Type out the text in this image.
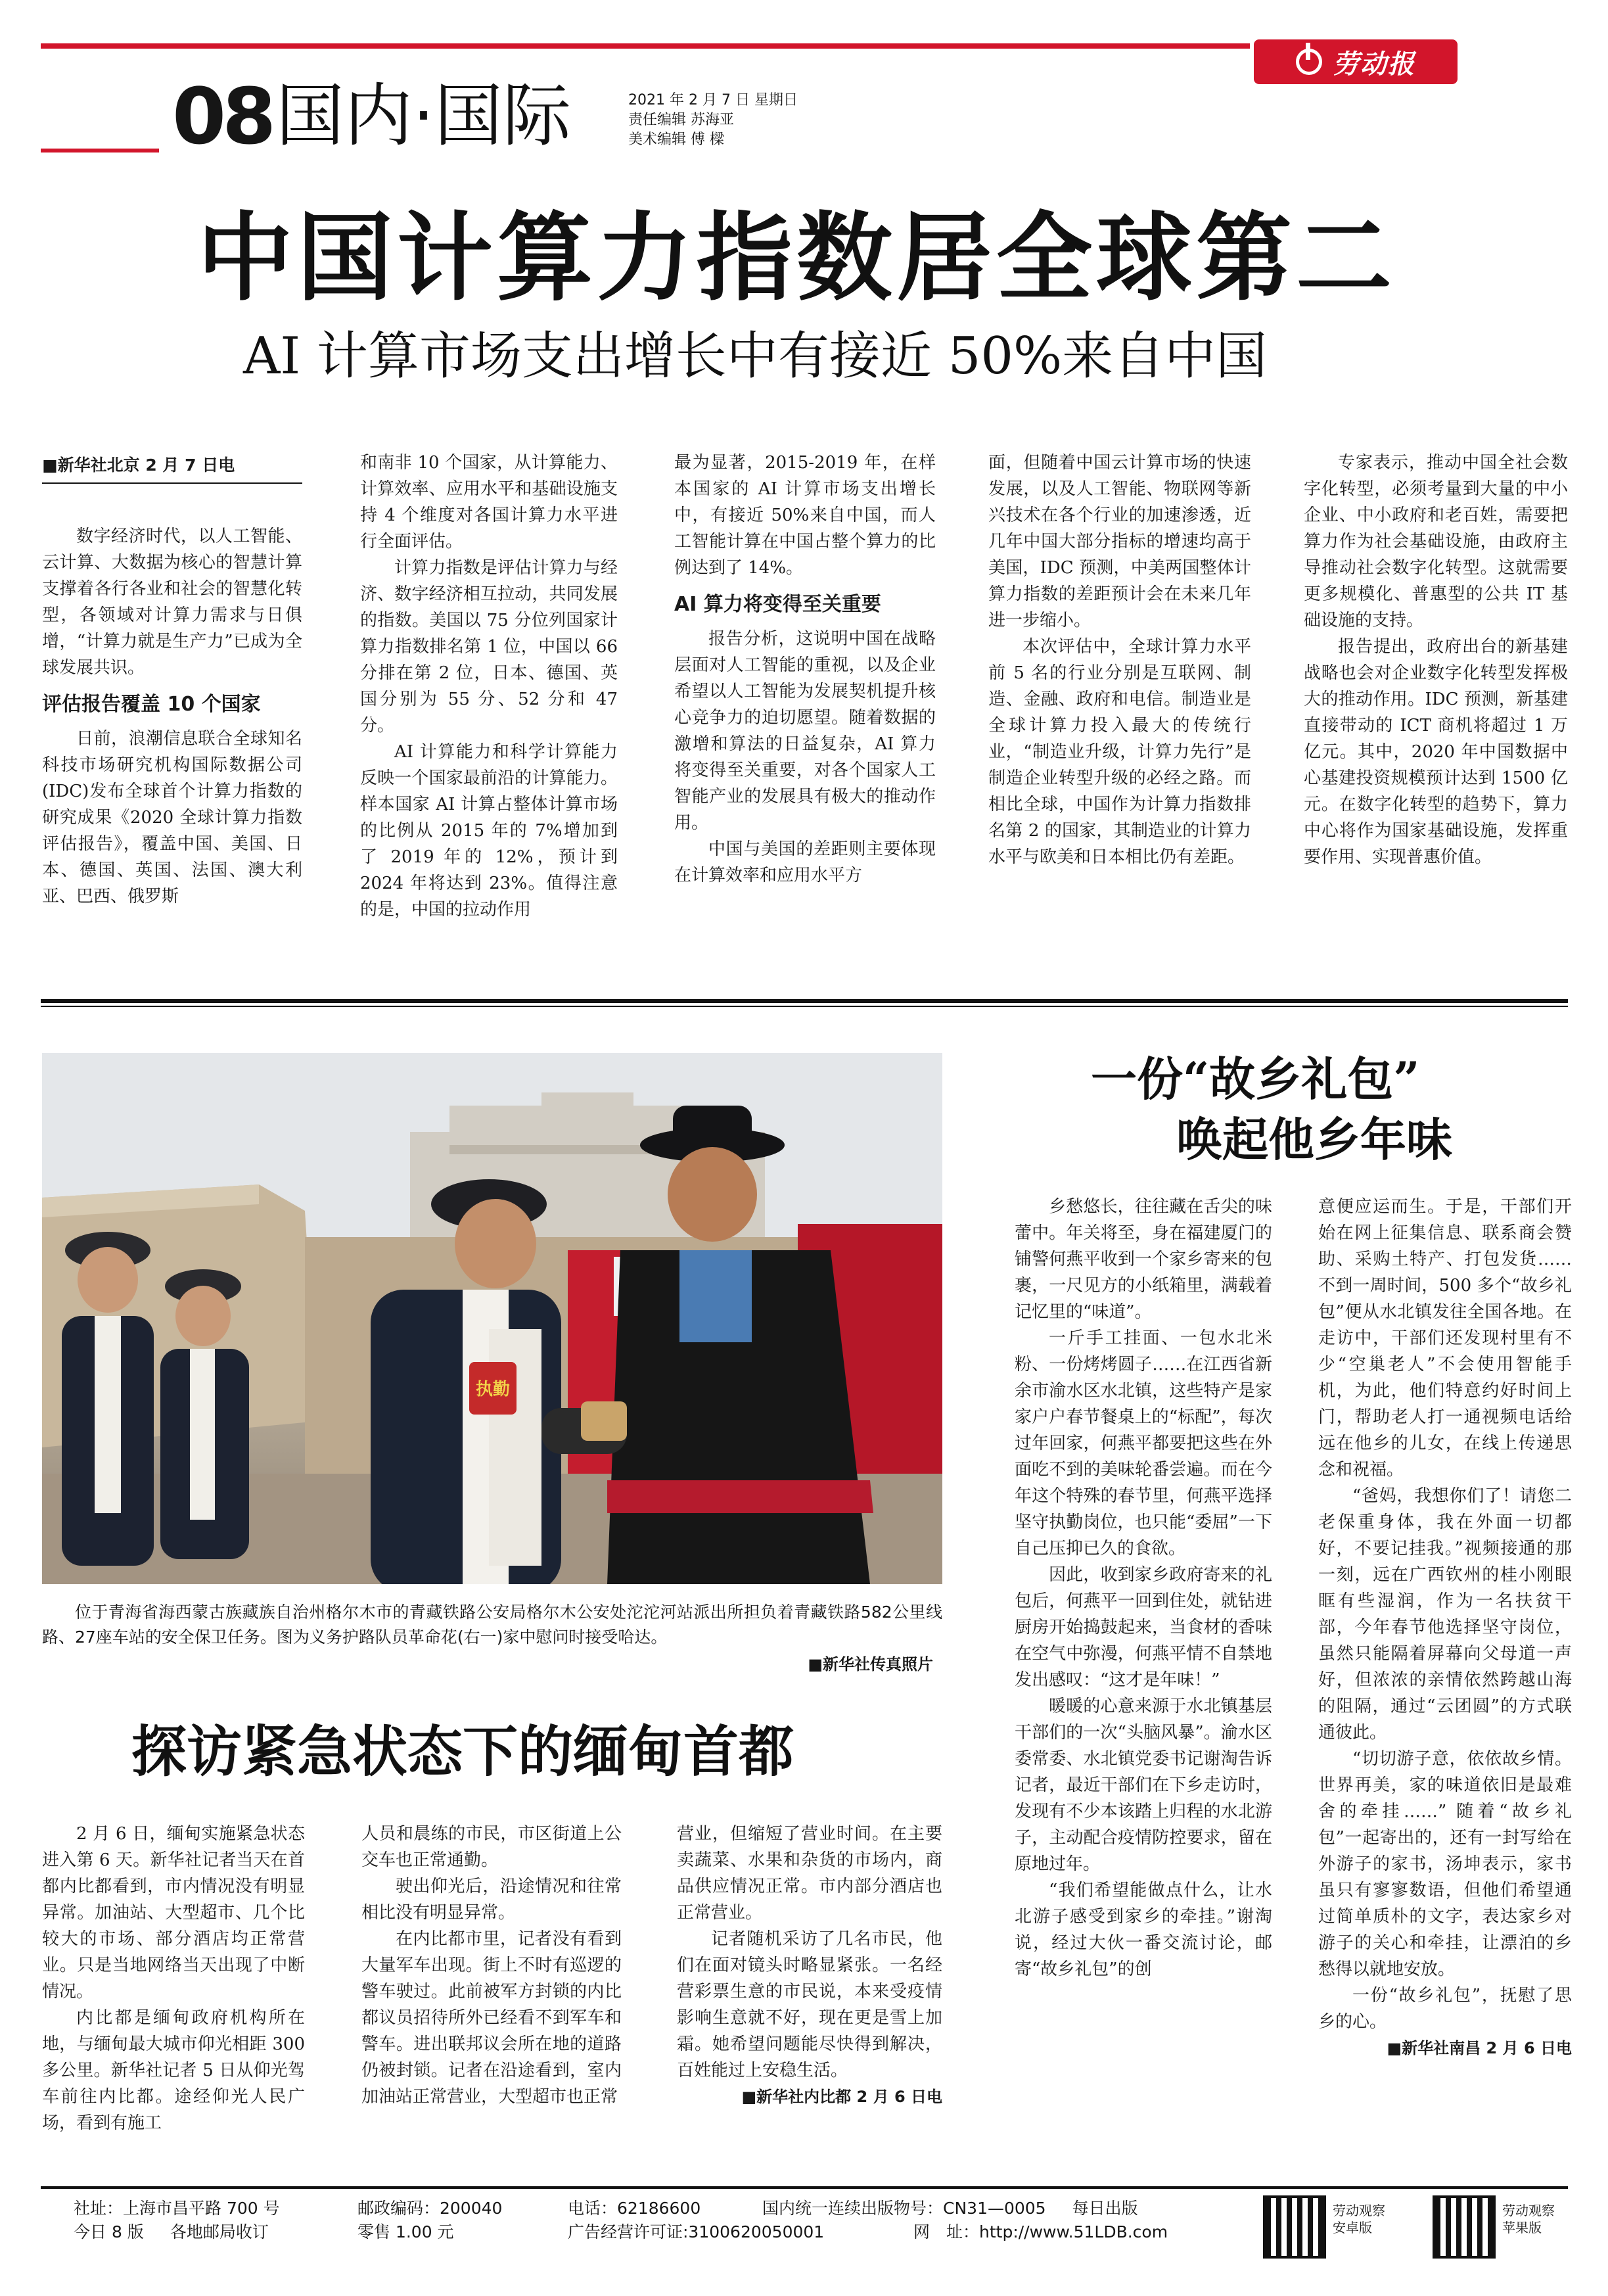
劳动报
08 国内·国际	2021 年 2 月 7 日 星期日
责任编辑 苏海亚
美术编辑 傅 樑
中国计算力指数居全球第二
AI 计算市场支出增长中有接近 50%来自中国

■新华社北京 2 月 7 日电

数字经济时代，以人工智能、云计算、大数据为核心的智慧计算支撑着各行各业和社会的智慧化转型，各领域对计算力需求与日俱增，“计算力就是生产力”已成为全球发展共识。

评估报告覆盖 10 个国家

日前，浪潮信息联合全球知名科技市场研究机构国际数据公司(IDC)发布全球首个计算力指数的研究成果《2020 全球计算力指数评估报告》，覆盖中国、美国、日本、德国、英国、法国、澳大利亚、巴西、俄罗斯

和南非 10 个国家，从计算能力、计算效率、应用水平和基础设施支持 4 个维度对各国计算力水平进行全面评估。

计算力指数是评估计算力与经济、数字经济相互拉动，共同发展的指数。美国以 75 分位列国家计算力指数排名第 1 位，中国以 66 分排在第 2 位，日本、德国、英国分别为 55 分、52 分和 47 分。

AI 计算能力和科学计算能力反映一个国家最前沿的计算能力。样本国家 AI 计算占整体计算市场的比例从 2015 年的 7%增加到了 2019 年的 12%，预计到 2024 年将达到 23%。值得注意的是，中国的拉动作用

最为显著，2015-2019 年，在样本国家的 AI 计算市场支出增长中，有接近 50%来自中国，而人工智能计算在中国占整个算力的比例达到了 14%。

AI 算力将变得至关重要

报告分析，这说明中国在战略层面对人工智能的重视，以及企业希望以人工智能为发展契机提升核心竞争力的迫切愿望。随着数据的激增和算法的日益复杂，AI 算力将变得至关重要，对各个国家人工智能产业的发展具有极大的推动作用。

中国与美国的差距则主要体现在计算效率和应用水平方

面，但随着中国云计算市场的快速发展，以及人工智能、物联网等新兴技术在各个行业的加速渗透，近几年中国大部分指标的增速均高于美国，IDC 预测，中美两国整体计算力指数的差距预计会在未来几年进一步缩小。

本次评估中，全球计算力水平前 5 名的行业分别是互联网、制造、金融、政府和电信。制造业是全球计算力投入最大的传统行业，“制造业升级，计算力先行”是制造企业转型升级的必经之路。而相比全球，中国作为计算力指数排名第 2 的国家，其制造业的计算力水平与欧美和日本相比仍有差距。

专家表示，推动中国全社会数字化转型，必须考量到大量的中小企业、中小政府和老百姓，需要把算力作为社会基础设施，由政府主导推动社会数字化转型。这就需要更多规模化、普惠型的公共 IT 基础设施的支持。

报告提出，政府出台的新基建战略也会对企业数字化转型发挥极大的推动作用。IDC 预测，新基建直接带动的 ICT 商机将超过 1 万亿元。其中，2020 年中国数据中心基建投资规模预计达到 1500 亿元。在数字化转型的趋势下，算力中心将作为国家基础设施，发挥重要作用、实现普惠价值。

执勤
位于青海省海西蒙古族藏族自治州格尔木市的青藏铁路公安局格尔木公安处沱沱河站派出所担负着青藏铁路582公里线路、27座车站的安全保卫任务。图为义务护路队员革命花(右一)家中慰问时接受哈达。
■新华社传真照片
探访紧急状态下的缅甸首都

2 月 6 日，缅甸实施紧急状态进入第 6 天。新华社记者当天在首都内比都看到，市内情况没有明显异常。加油站、大型超市、几个比较大的市场、部分酒店均正常营业。只是当地网络当天出现了中断情况。

内比都是缅甸政府机构所在地，与缅甸最大城市仰光相距 300 多公里。新华社记者 5 日从仰光驾车前往内比都。途经仰光人民广场，看到有施工

人员和晨练的市民，市区街道上公交车也正常通勤。

驶出仰光后，沿途情况和往常相比没有明显异常。

在内比都市里，记者没有看到大量军车出现。街上不时有巡逻的警车驶过。此前被军方封锁的内比都议员招待所外已经看不到军车和警车。进出联邦议会所在地的道路仍被封锁。记者在沿途看到，室内加油站正常营业，大型超市也正常

营业，但缩短了营业时间。在主要卖蔬菜、水果和杂货的市场内，商品供应情况正常。市内部分酒店也正常营业。

记者随机采访了几名市民，他们在面对镜头时略显紧张。一名经营彩票生意的市民说，本来受疫情影响生意就不好，现在更是雪上加霜。她希望问题能尽快得到解决，百姓能过上安稳生活。

■新华社内比都 2 月 6 日电

一份“故乡礼包”
唤起他乡年味

乡愁悠长，往往藏在舌尖的味蕾中。年关将至，身在福建厦门的铺警何燕平收到一个家乡寄来的包裹，一尺见方的小纸箱里，满载着记忆里的“味道”。

一斤手工挂面、一包水北米粉、一份烤烤圆子……在江西省新余市渝水区水北镇，这些特产是家家户户春节餐桌上的“标配”，每次过年回家，何燕平都要把这些在外面吃不到的美味轮番尝遍。而在今年这个特殊的春节里，何燕平选择坚守执勤岗位，也只能“委屈”一下自己压抑已久的食欲。

因此，收到家乡政府寄来的礼包后，何燕平一回到住处，就钻进厨房开始捣鼓起来，当食材的香味在空气中弥漫，何燕平情不自禁地发出感叹：“这才是年味！”

暖暖的心意来源于水北镇基层干部们的一次“头脑风暴”。渝水区委常委、水北镇党委书记谢淘告诉记者，最近干部们在下乡走访时，发现有不少本该踏上归程的水北游子，主动配合疫情防控要求，留在原地过年。

“我们希望能做点什么，让水北游子感受到家乡的牵挂。”谢淘说，经过大伙一番交流讨论，邮寄“故乡礼包”的创

意便应运而生。于是，干部们开始在网上征集信息、联系商会赞助、采购土特产、打包发货……不到一周时间，500 多个“故乡礼包”便从水北镇发往全国各地。在走访中，干部们还发现村里有不少“空巢老人”不会使用智能手机，为此，他们特意约好时间上门，帮助老人打一通视频电话给远在他乡的儿女，在线上传递思念和祝福。

“爸妈，我想你们了！请您二老保重身体，我在外面一切都好，不要记挂我。”视频接通的那一刻，远在广西钦州的桂小刚眼眶有些湿润，作为一名扶贫干部，今年春节他选择坚守岗位，虽然只能隔着屏幕向父母道一声好，但浓浓的亲情依然跨越山海的阻隔，通过“云团圆”的方式联通彼此。

“切切游子意，依依故乡情。世界再美，家的味道依旧是最难舍的牵挂……” 随着“故乡礼包”一起寄出的，还有一封写给在外游子的家书，汤坤表示，家书虽只有寥寥数语，但他们希望通过简单质朴的文字，表达家乡对游子的关心和牵挂，让漂泊的乡愁得以就地安放。

一份“故乡礼包”，抚慰了思乡的心。

■新华社南昌 2 月 6 日电

社址：上海市昌平路 700 号
今日 8 版 各地邮局收订
邮政编码：200040
零售 1.00 元
电话：62186600
广告经营许可证:3100620050001
国内统一连续出版物号：CN31—0005 每日出版
网　址：http://www.51LDB.com
劳动观察
安卓版
劳动观察
苹果版
